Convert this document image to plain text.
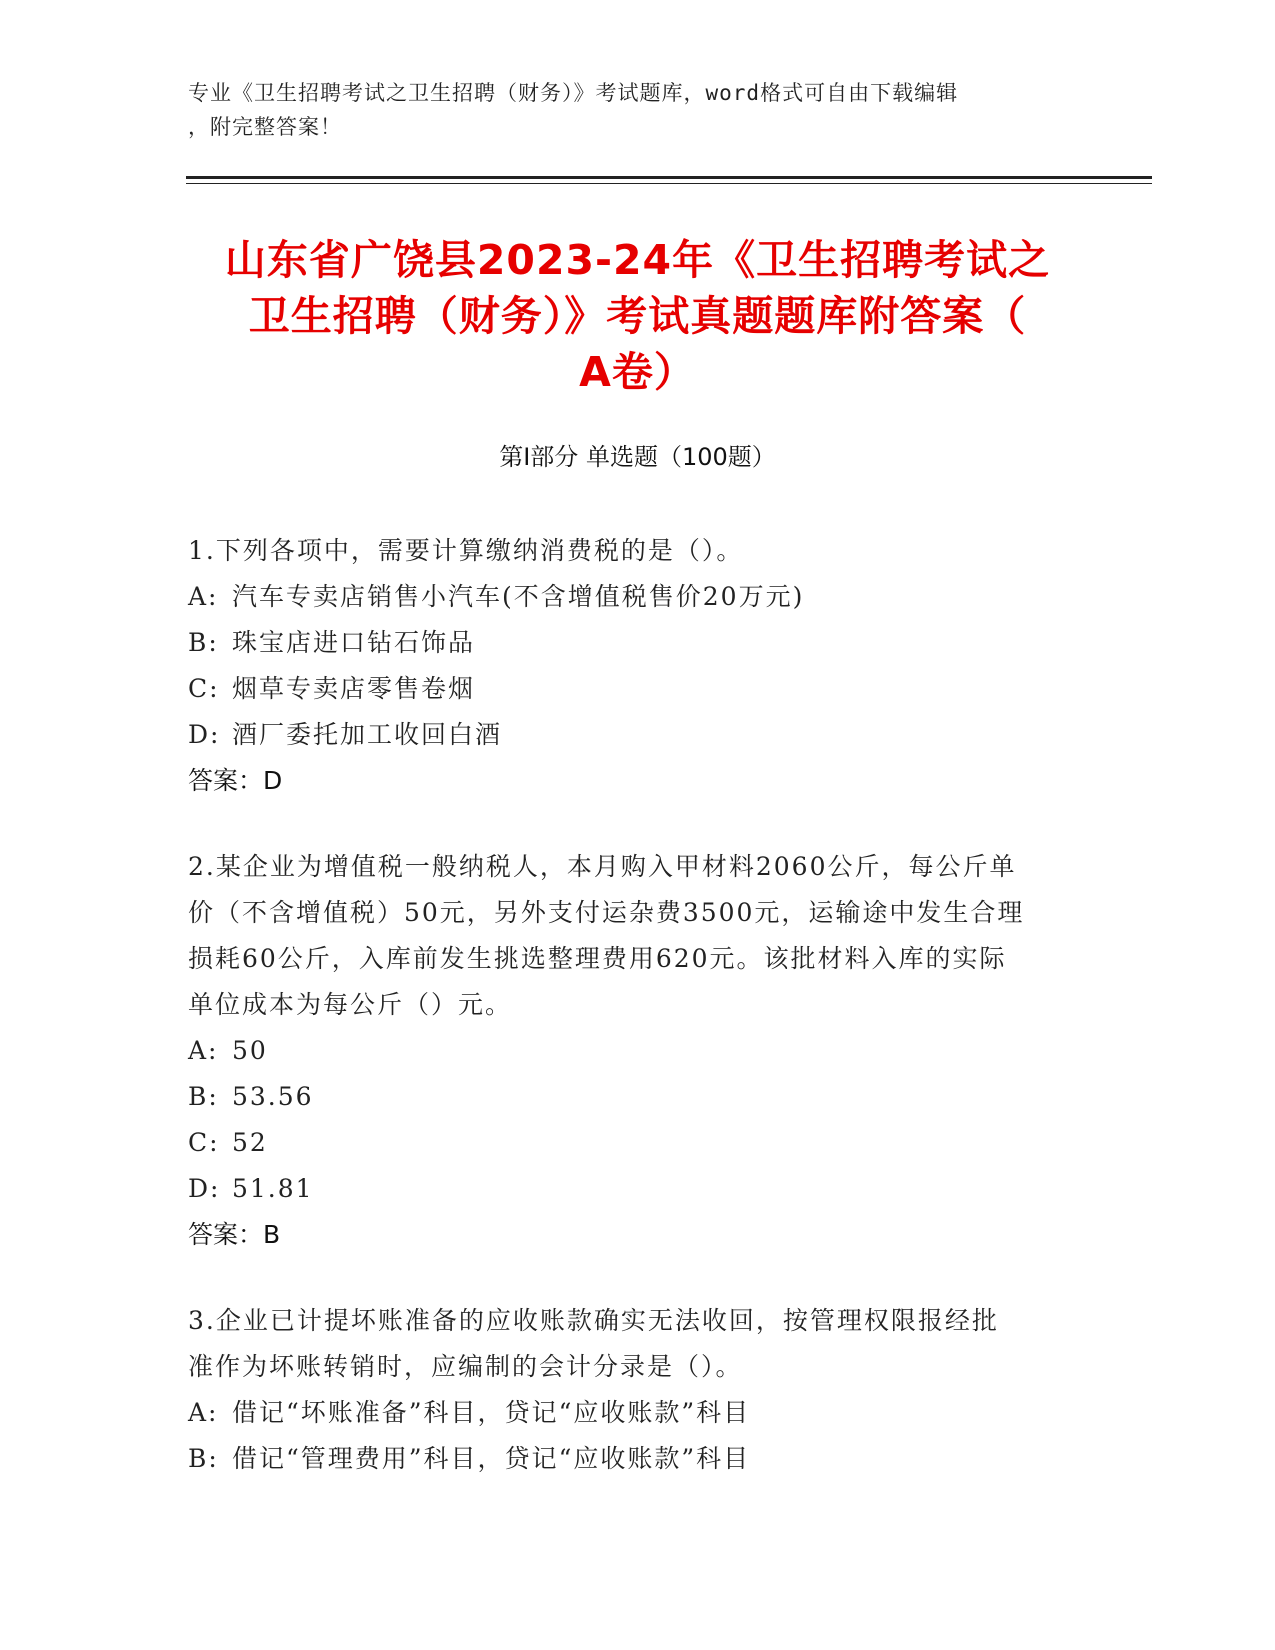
专业《卫生招聘考试之卫生招聘（财务）》考试题库，word格式可自由下载编辑
，附完整答案！
山东省广饶县2023-24年《卫生招聘考试之
卫生招聘（财务）》考试真题题库附答案（
A卷）
第Ⅰ部分 单选题（100题）

1.下列各项中，需要计算缴纳消费税的是（）。

A: 汽车专卖店销售小汽车(不含增值税售价20万元)

B: 珠宝店进口钻石饰品

C: 烟草专卖店零售卷烟

D: 酒厂委托加工收回白酒

答案：D

2.某企业为增值税一般纳税人，本月购入甲材料2060公斤，每公斤单

价（不含增值税）50元，另外支付运杂费3500元，运输途中发生合理

损耗60公斤，入库前发生挑选整理费用620元。该批材料入库的实际

单位成本为每公斤（）元。

A: 50

B: 53.56

C: 52

D: 51.81

答案：B

3.企业已计提坏账准备的应收账款确实无法收回，按管理权限报经批

准作为坏账转销时，应编制的会计分录是（）。

A: 借记“坏账准备”科目，贷记“应收账款”科目

B: 借记“管理费用”科目，贷记“应收账款”科目
